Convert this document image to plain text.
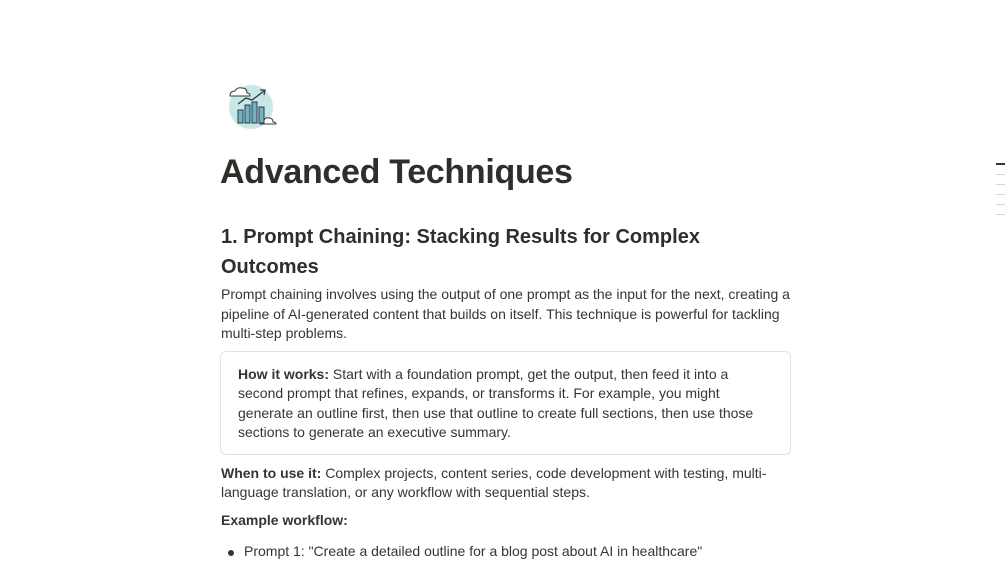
Advanced Techniques
1. Prompt Chaining: Stacking Results for Complex Outcomes

Prompt chaining involves using the output of one prompt as the input for the next, creating a pipeline of AI-generated content that builds on itself. This technique is powerful for tackling multi-step problems.

How it works: Start with a foundation prompt, get the output, then feed it into a second prompt that refines, expands, or transforms it. For example, you might generate an outline first, then use that outline to create full sections, then use those sections to generate an executive summary.

When to use it: Complex projects, content series, code development with testing, multi-language translation, or any workflow with sequential steps.

Example workflow:
Prompt 1: "Create a detailed outline for a blog post about AI in healthcare"
